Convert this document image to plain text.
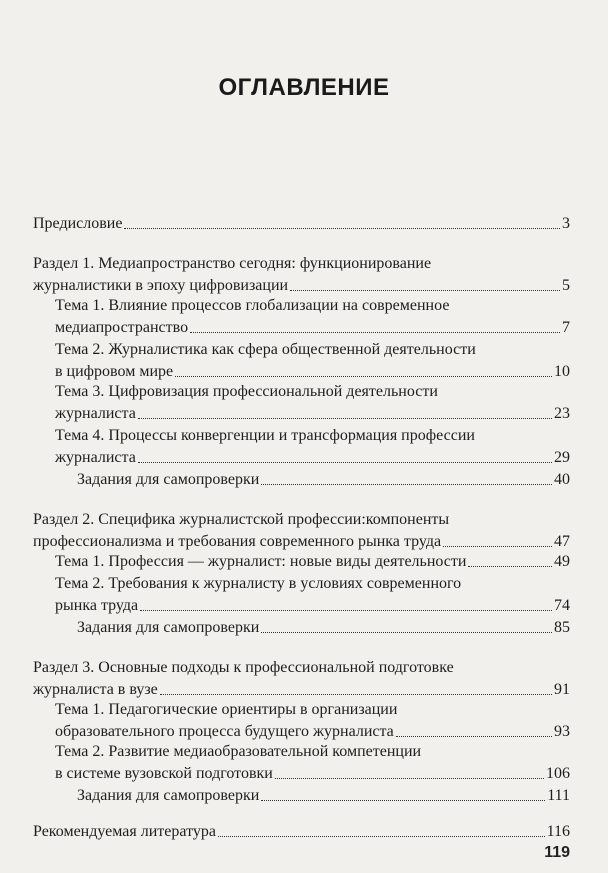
ОГЛАВЛЕНИЕ
Предисловие	3
Раздел 1. Медиапространство сегодня: функционирование
журналистики в эпоху цифровизации	5
Тема 1. Влияние процессов глобализации на современное
медиапространство	7
Тема 2. Журналистика как сфера общественной деятельности
в цифровом мире	10
Тема 3. Цифровизация профессиональной деятельности
журналиста	23
Тема 4. Процессы конвергенции и трансформация профессии
журналиста	29
Задания для самопроверки	40
Раздел 2. Специфика журналистской профессии:компоненты
профессионализма и требования современного рынка труда	47
Тема 1. Профессия — журналист: новые виды деятельности	49
Тема 2. Требования к журналисту в условиях современного
рынка труда	74
Задания для самопроверки	85
Раздел 3. Основные подходы к профессиональной подготовке
журналиста в вузе	91
Тема 1. Педагогические ориентиры в организации
образовательного процесса будущего журналиста	93
Тема 2. Развитие медиаобразовательной компетенции
в системе вузовской подготовки	106
Задания для самопроверки	111
Рекомендуемая литература	116
119
